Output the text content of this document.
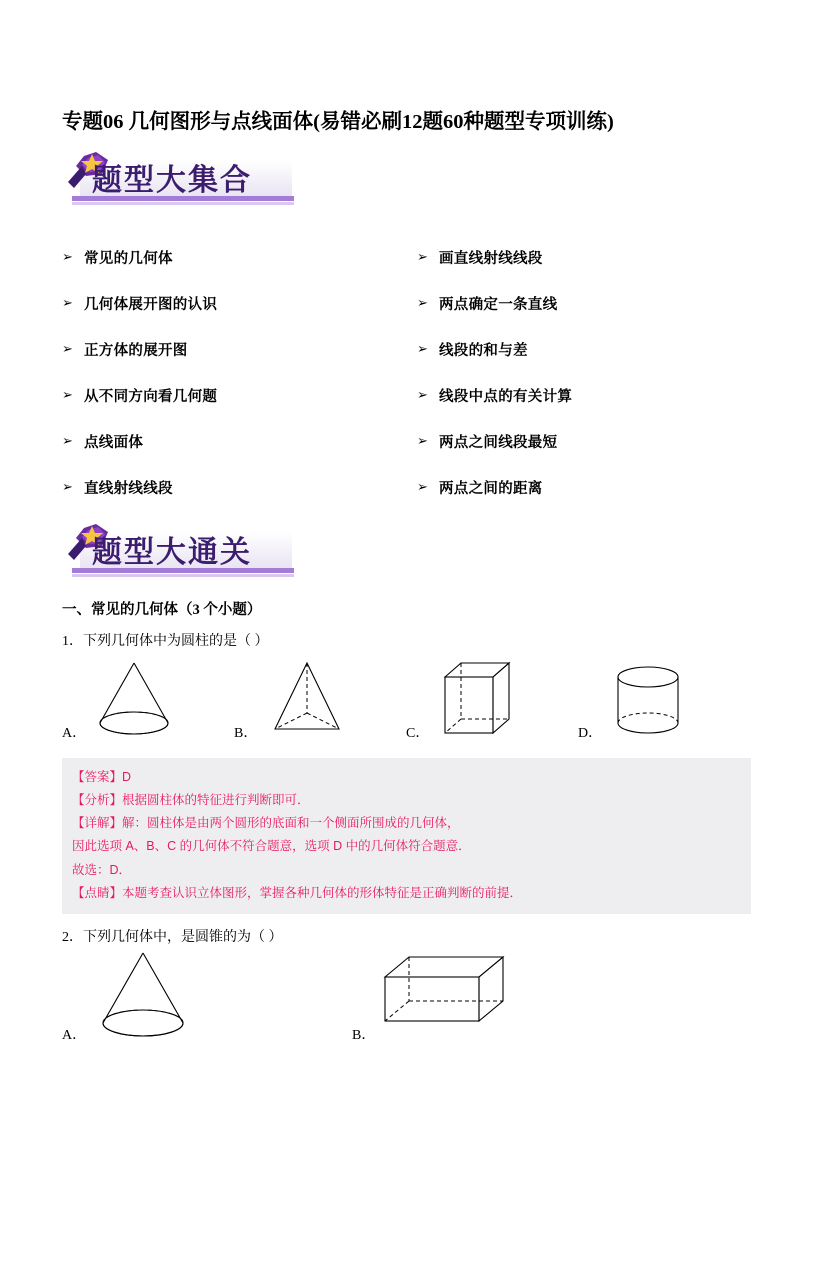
专题06 几何图形与点线面体(易错必刷12题60种题型专项训练)
题型大集合
➢ 常见的几何体	➢ 画直线射线线段
➢ 几何体展开图的认识	➢ 两点确定一条直线
➢ 正方体的展开图	➢ 线段的和与差
➢ 从不同方向看几何题	➢ 线段中点的有关计算
➢ 点线面体	➢ 两点之间线段最短
➢ 直线射线线段	➢ 两点之间的距离
题型大通关
一、常见的几何体（3 个小题）
1．下列几何体中为圆柱的是（ ）
A．	B．	C．	D．
【答案】D
【分析】根据圆柱体的特征进行判断即可．
【详解】解：圆柱体是由两个圆形的底面和一个侧面所围成的几何体，
因此选项 A、B、C 的几何体不符合题意，选项 D 中的几何体符合题意．
故选：D．
【点睛】本题考查认识立体图形，掌握各种几何体的形体特征是正确判断的前提．
2．下列几何体中，是圆锥的为（ ）
A．	B．
